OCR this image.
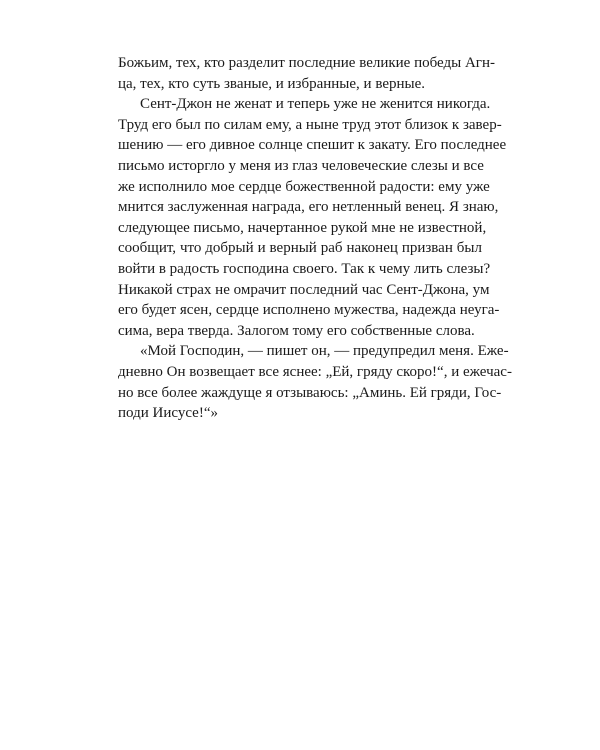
Божьим, тех, кто разделит последние великие победы Агн-
ца, тех, кто суть званые, и избранные, и верные.
Сент-Джон не женат и теперь уже не женится никогда.
Труд его был по силам ему, а ныне труд этот близок к завер-
шению — его дивное солнце спешит к закату. Его последнее
письмо исторгло у меня из глаз человеческие слезы и все
же исполнило мое сердце божественной радости: ему уже
мнится заслуженная награда, его нетленный венец. Я знаю,
следующее письмо, начертанное рукой мне не известной,
сообщит, что добрый и верный раб наконец призван был
войти в радость господина своего. Так к чему лить слезы?
Никакой страх не омрачит последний час Сент-Джона, ум
его будет ясен, сердце исполнено мужества, надежда неуга-
сима, вера тверда. Залогом тому его собственные слова.
«Мой Господин, — пишет он, — предупредил меня. Еже-
дневно Он возвещает все яснее: „Ей, гряду скоро!“, и ежечас-
но все более жаждуще я отзываюсь: „Аминь. Ей гряди, Гос-
поди Иисусе!“»
